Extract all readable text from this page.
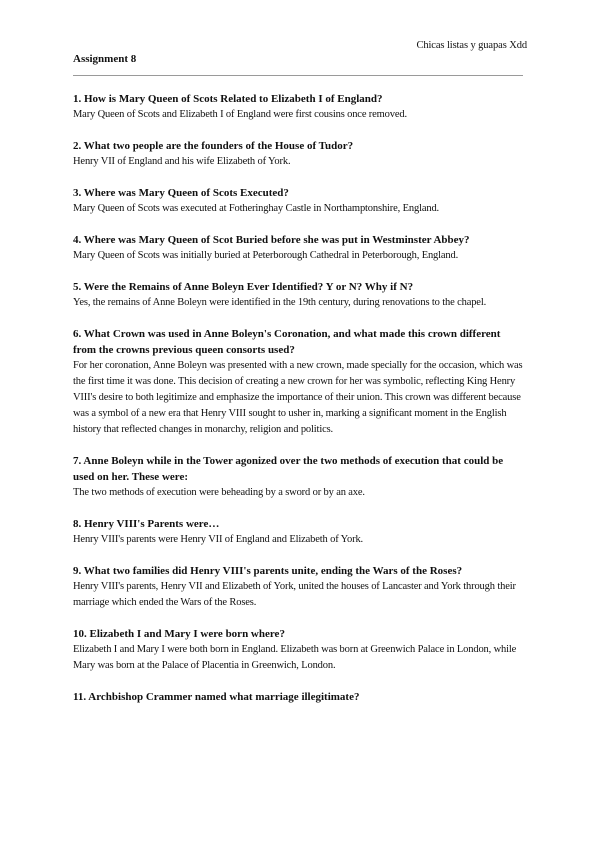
Chicas listas y guapas Xdd
Assignment 8

1. How is Mary Queen of Scots Related to Elizabeth I of England?

Mary Queen of Scots and Elizabeth I of England were first cousins once removed.

2. What two people are the founders of the House of Tudor?

Henry VII of England and his wife Elizabeth of York.

3. Where was Mary Queen of Scots Executed?

Mary Queen of Scots was executed at Fotheringhay Castle in Northamptonshire, England.

4. Where was Mary Queen of Scot Buried before she was put in Westminster Abbey?

Mary Queen of Scots was initially buried at Peterborough Cathedral in Peterborough, England.

5. Were the Remains of Anne Boleyn Ever Identified? Y or N? Why if N?

Yes, the remains of Anne Boleyn were identified in the 19th century, during renovations to the chapel.

6. What Crown was used in Anne Boleyn's Coronation, and what made this crown different from the crowns previous queen consorts used?

For her coronation, Anne Boleyn was presented with a new crown, made specially for the occasion, which was the first time it was done. This decision of creating a new crown for her was symbolic, reflecting King Henry VIII's desire to both legitimize and emphasize the importance of their union. This crown was different because was a symbol of a new era that Henry VIII sought to usher in, marking a significant moment in the English history that reflected changes in monarchy, religion and politics.

7. Anne Boleyn while in the Tower agonized over the two methods of execution that could be used on her. These were:

The two methods of execution were beheading by a sword or by an axe.

8. Henry VIII's Parents were…

Henry VIII's parents were Henry VII of England and Elizabeth of York.

9. What two families did Henry VIII's parents unite, ending the Wars of the Roses?

Henry VIII's parents, Henry VII and Elizabeth of York, united the houses of Lancaster and York through their marriage which ended the Wars of the Roses.

10. Elizabeth I and Mary I were born where?

Elizabeth I and Mary I were both born in England. Elizabeth was born at Greenwich Palace in London, while Mary was born at the Palace of Placentia in Greenwich, London.

11. Archbishop Crammer named what marriage illegitimate?
